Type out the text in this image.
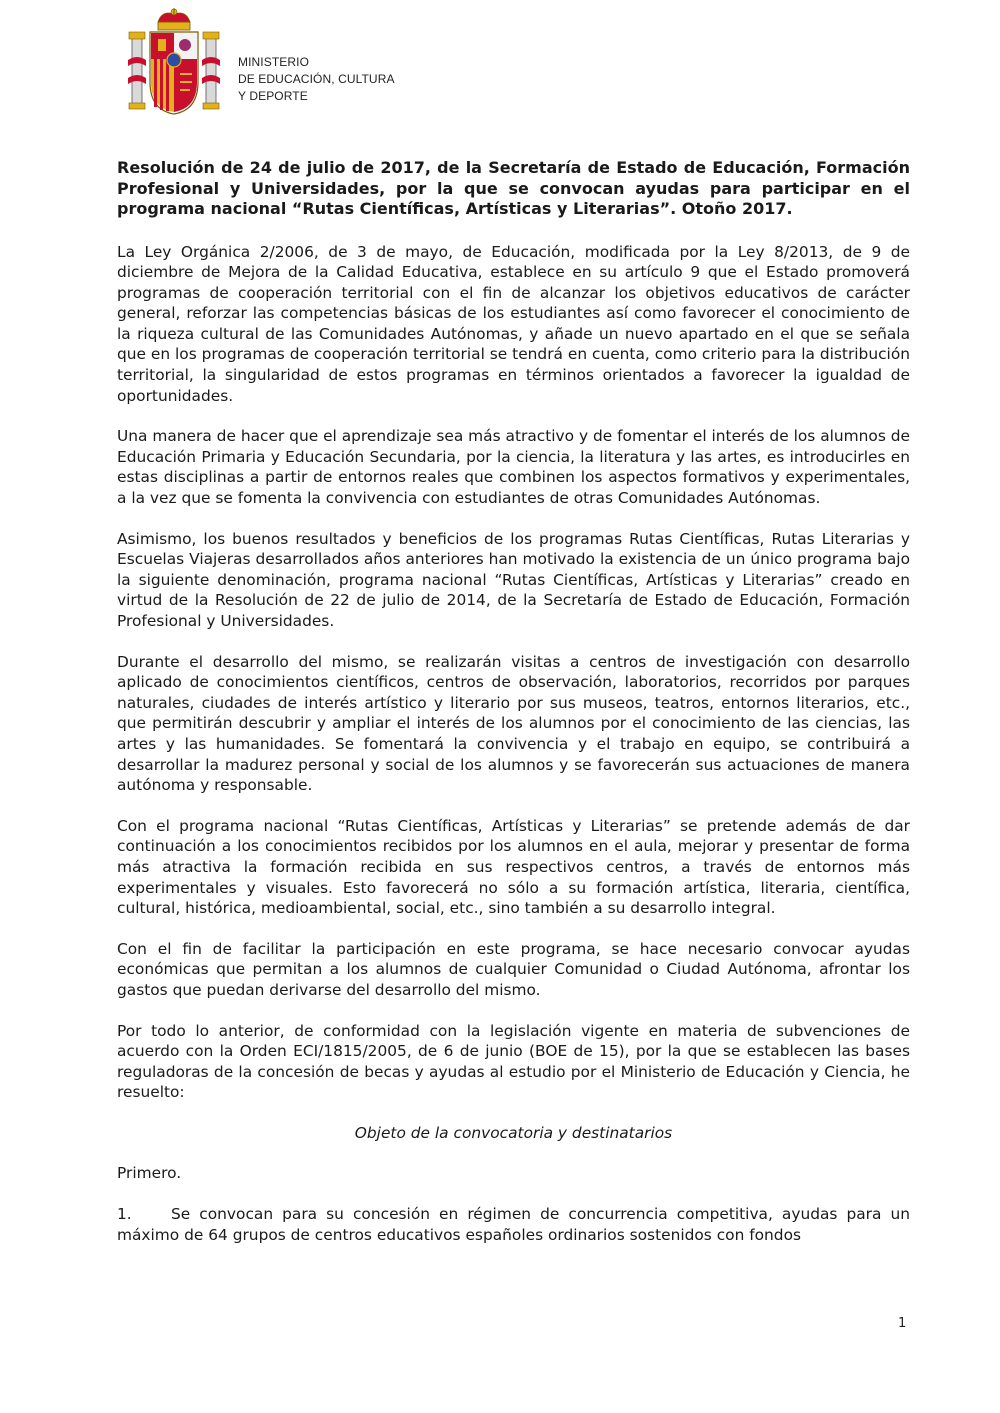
MINISTERIO
DE EDUCACIÓN, CULTURA
Y DEPORTE

Resolución de 24 de julio de 2017, de la Secretaría de Estado de Educación, Formación Profesional y Universidades, por la que se convocan ayudas para participar en el programa nacional “Rutas Científicas, Artísticas y Literarias”. Otoño 2017.

La Ley Orgánica 2/2006, de 3 de mayo, de Educación, modificada por la Ley 8/2013, de 9 de diciembre de Mejora de la Calidad Educativa, establece en su artículo 9 que el Estado promoverá programas de cooperación territorial con el fin de alcanzar los objetivos educativos de carácter general, reforzar las competencias básicas de los estudiantes así como favorecer el conocimiento de la riqueza cultural de las Comunidades Autónomas, y añade un nuevo apartado en el que se señala que en los programas de cooperación territorial se tendrá en cuenta, como criterio para la distribución territorial, la singularidad de estos programas en términos orientados a favorecer la igualdad de oportunidades.

Una manera de hacer que el aprendizaje sea más atractivo y de fomentar el interés de los alumnos de Educación Primaria y Educación Secundaria, por la ciencia, la literatura y las artes, es introducirles en estas disciplinas a partir de entornos reales que combinen los aspectos formativos y experimentales, a la vez que se fomenta la convivencia con estudiantes de otras Comunidades Autónomas.

Asimismo, los buenos resultados y beneficios de los programas Rutas Científicas, Rutas Literarias y Escuelas Viajeras desarrollados años anteriores han motivado la existencia de un único programa bajo la siguiente denominación, programa nacional “Rutas Científicas, Artísticas y Literarias” creado en virtud de la Resolución de 22 de julio de 2014, de la Secretaría de Estado de Educación, Formación Profesional y Universidades.

Durante el desarrollo del mismo, se realizarán visitas a centros de investigación con desarrollo aplicado de conocimientos científicos, centros de observación, laboratorios, recorridos por parques naturales, ciudades de interés artístico y literario por sus museos, teatros, entornos literarios, etc., que permitirán descubrir y ampliar el interés de los alumnos por el conocimiento de las ciencias, las artes y las humanidades. Se fomentará la convivencia y el trabajo en equipo, se contribuirá a desarrollar la madurez personal y social de los alumnos y se favorecerán sus actuaciones de manera autónoma y responsable.

Con el programa nacional “Rutas Científicas, Artísticas y Literarias” se pretende además de dar continuación a los conocimientos recibidos por los alumnos en el aula, mejorar y presentar de forma más atractiva la formación recibida en sus respectivos centros, a través de entornos más experimentales y visuales. Esto favorecerá no sólo a su formación artística, literaria, científica, cultural, histórica, medioambiental, social, etc., sino también a su desarrollo integral.

Con el fin de facilitar la participación en este programa, se hace necesario convocar ayudas económicas que permitan a los alumnos de cualquier Comunidad o Ciudad Autónoma, afrontar los gastos que puedan derivarse del desarrollo del mismo.

Por todo lo anterior, de conformidad con la legislación vigente en materia de subvenciones de acuerdo con la Orden ECI/1815/2005, de 6 de junio (BOE de 15), por la que se establecen las bases reguladoras de la concesión de becas y ayudas al estudio por el Ministerio de Educación y Ciencia, he resuelto:

Objeto de la convocatoria y destinatarios

Primero.

1.	Se convocan para su concesión en régimen de concurrencia competitiva, ayudas para un máximo de 64 grupos de centros educativos españoles ordinarios sostenidos con fondos

1
